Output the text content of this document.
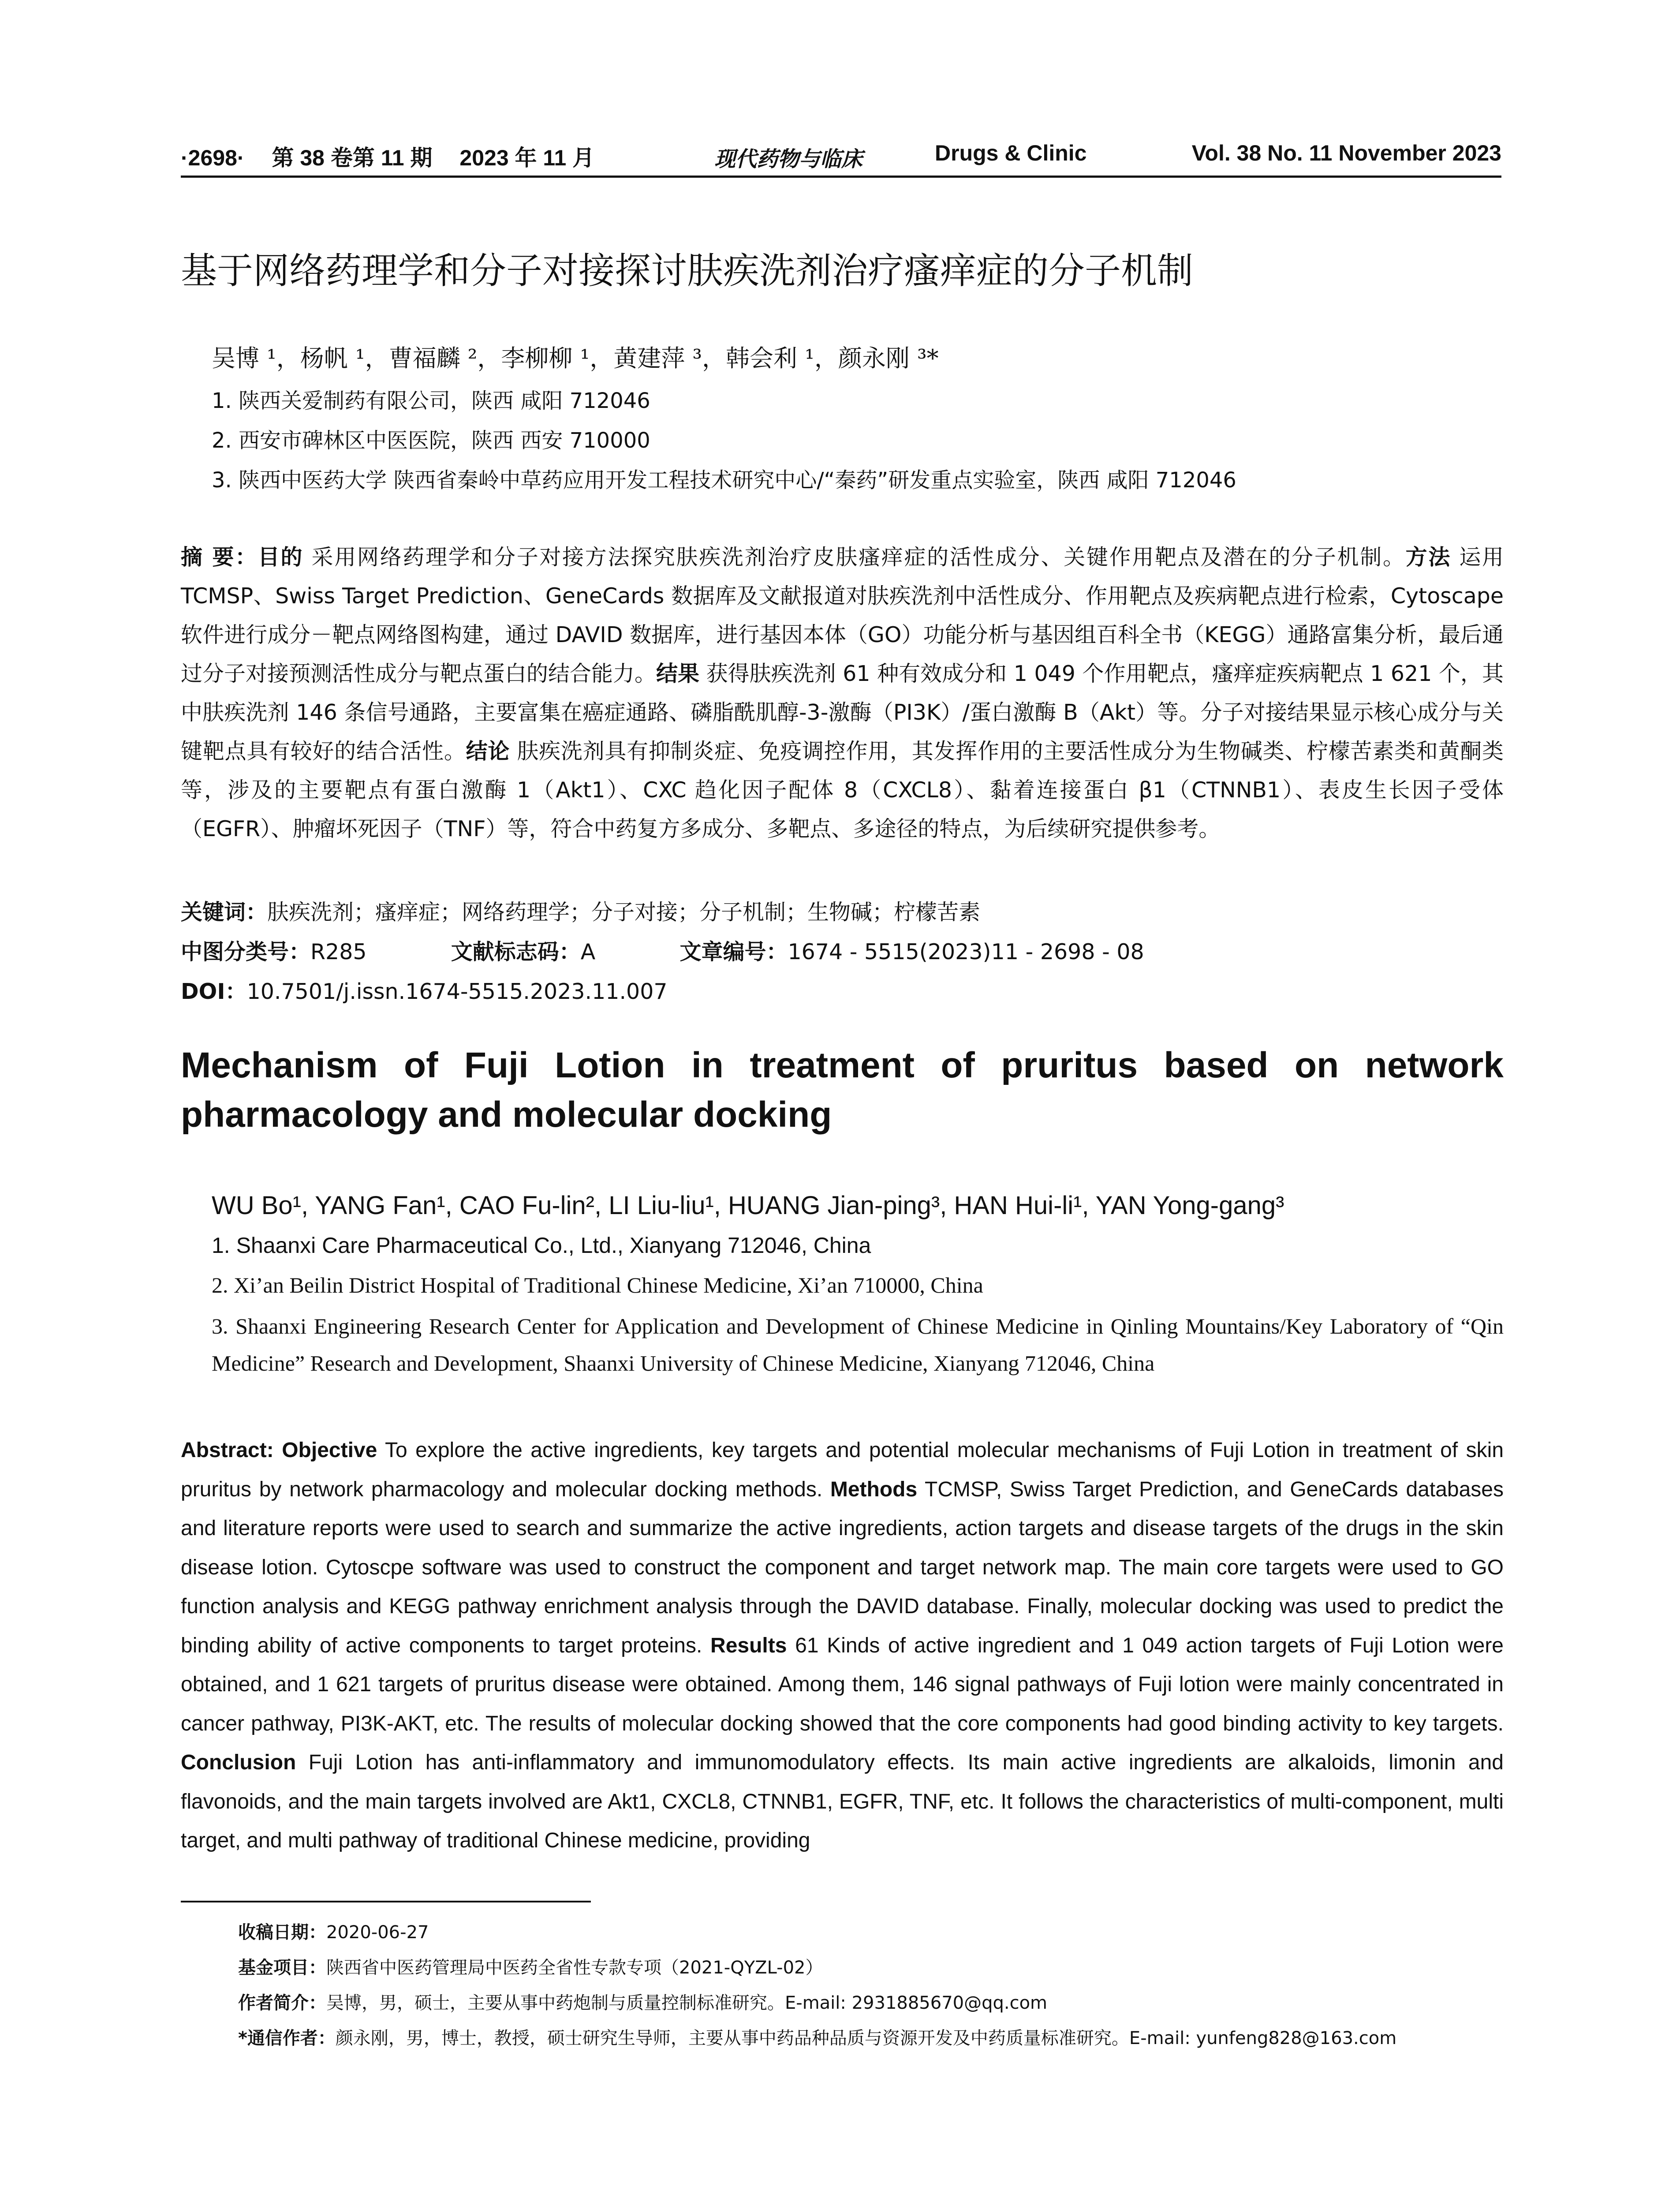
·2698· 第 38 卷第 11 期 2023 年 11 月	现代药物与临床	Drugs & Clinic	Vol. 38 No. 11 November 2023
基于网络药理学和分子对接探讨肤疾洗剂治疗瘙痒症的分子机制
吴博 ¹，杨帆 ¹，曹福麟 ²，李柳柳 ¹，黄建萍 ³，韩会利 ¹，颜永刚 ³*
1. 陕西关爱制药有限公司，陕西 咸阳 712046
2. 西安市碑林区中医医院，陕西 西安 710000
3. 陕西中医药大学 陕西省秦岭中草药应用开发工程技术研究中心/“秦药”研发重点实验室，陕西 咸阳 712046
摘 要：目的 采用网络药理学和分子对接方法探究肤疾洗剂治疗皮肤瘙痒症的活性成分、关键作用靶点及潜在的分子机制。方法 运用 TCMSP、Swiss Target Prediction、GeneCards 数据库及文献报道对肤疾洗剂中活性成分、作用靶点及疾病靶点进行检索，Cytoscape 软件进行成分－靶点网络图构建，通过 DAVID 数据库，进行基因本体（GO）功能分析与基因组百科全书（KEGG）通路富集分析，最后通过分子对接预测活性成分与靶点蛋白的结合能力。结果 获得肤疾洗剂 61 种有效成分和 1 049 个作用靶点，瘙痒症疾病靶点 1 621 个，其中肤疾洗剂 146 条信号通路，主要富集在癌症通路、磷脂酰肌醇-3-激酶（PI3K）/蛋白激酶 B（Akt）等。分子对接结果显示核心成分与关键靶点具有较好的结合活性。结论 肤疾洗剂具有抑制炎症、免疫调控作用，其发挥作用的主要活性成分为生物碱类、柠檬苦素类和黄酮类等，涉及的主要靶点有蛋白激酶 1（Akt1）、CXC 趋化因子配体 8（CXCL8）、黏着连接蛋白 β1（CTNNB1）、表皮生长因子受体（EGFR）、肿瘤坏死因子（TNF）等，符合中药复方多成分、多靶点、多途径的特点，为后续研究提供参考。
关键词：肤疾洗剂；瘙痒症；网络药理学；分子对接；分子机制；生物碱；柠檬苦素
中图分类号：R285	文献标志码：A	文章编号：1674 - 5515(2023)11 - 2698 - 08
DOI：10.7501/j.issn.1674-5515.2023.11.007
Mechanism of Fuji Lotion in treatment of pruritus based on network pharmacology and molecular docking
WU Bo¹, YANG Fan¹, CAO Fu-lin², LI Liu-liu¹, HUANG Jian-ping³, HAN Hui-li¹, YAN Yong-gang³
1. Shaanxi Care Pharmaceutical Co., Ltd., Xianyang 712046, China
2. Xi’an Beilin District Hospital of Traditional Chinese Medicine, Xi’an 710000, China
3. Shaanxi Engineering Research Center for Application and Development of Chinese Medicine in Qinling Mountains/Key Laboratory of “Qin Medicine” Research and Development, Shaanxi University of Chinese Medicine, Xianyang 712046, China
Abstract: Objective To explore the active ingredients, key targets and potential molecular mechanisms of Fuji Lotion in treatment of skin pruritus by network pharmacology and molecular docking methods. Methods TCMSP, Swiss Target Prediction, and GeneCards databases and literature reports were used to search and summarize the active ingredients, action targets and disease targets of the drugs in the skin disease lotion. Cytoscpe software was used to construct the component and target network map. The main core targets were used to GO function analysis and KEGG pathway enrichment analysis through the DAVID database. Finally, molecular docking was used to predict the binding ability of active components to target proteins. Results 61 Kinds of active ingredient and 1 049 action targets of Fuji Lotion were obtained, and 1 621 targets of pruritus disease were obtained. Among them, 146 signal pathways of Fuji lotion were mainly concentrated in cancer pathway, PI3K-AKT, etc. The results of molecular docking showed that the core components had good binding activity to key targets. Conclusion Fuji Lotion has anti-inflammatory and immunomodulatory effects. Its main active ingredients are alkaloids, limonin and flavonoids, and the main targets involved are Akt1, CXCL8, CTNNB1, EGFR, TNF, etc. It follows the characteristics of multi-component, multi target, and multi pathway of traditional Chinese medicine, providing
收稿日期：2020-06-27
基金项目：陕西省中医药管理局中医药全省性专款专项（2021-QYZL-02）
作者简介：吴博，男，硕士，主要从事中药炮制与质量控制标准研究。E-mail: 2931885670@qq.com
*通信作者：颜永刚，男，博士，教授，硕士研究生导师，主要从事中药品种品质与资源开发及中药质量标准研究。E-mail: yunfeng828@163.com
